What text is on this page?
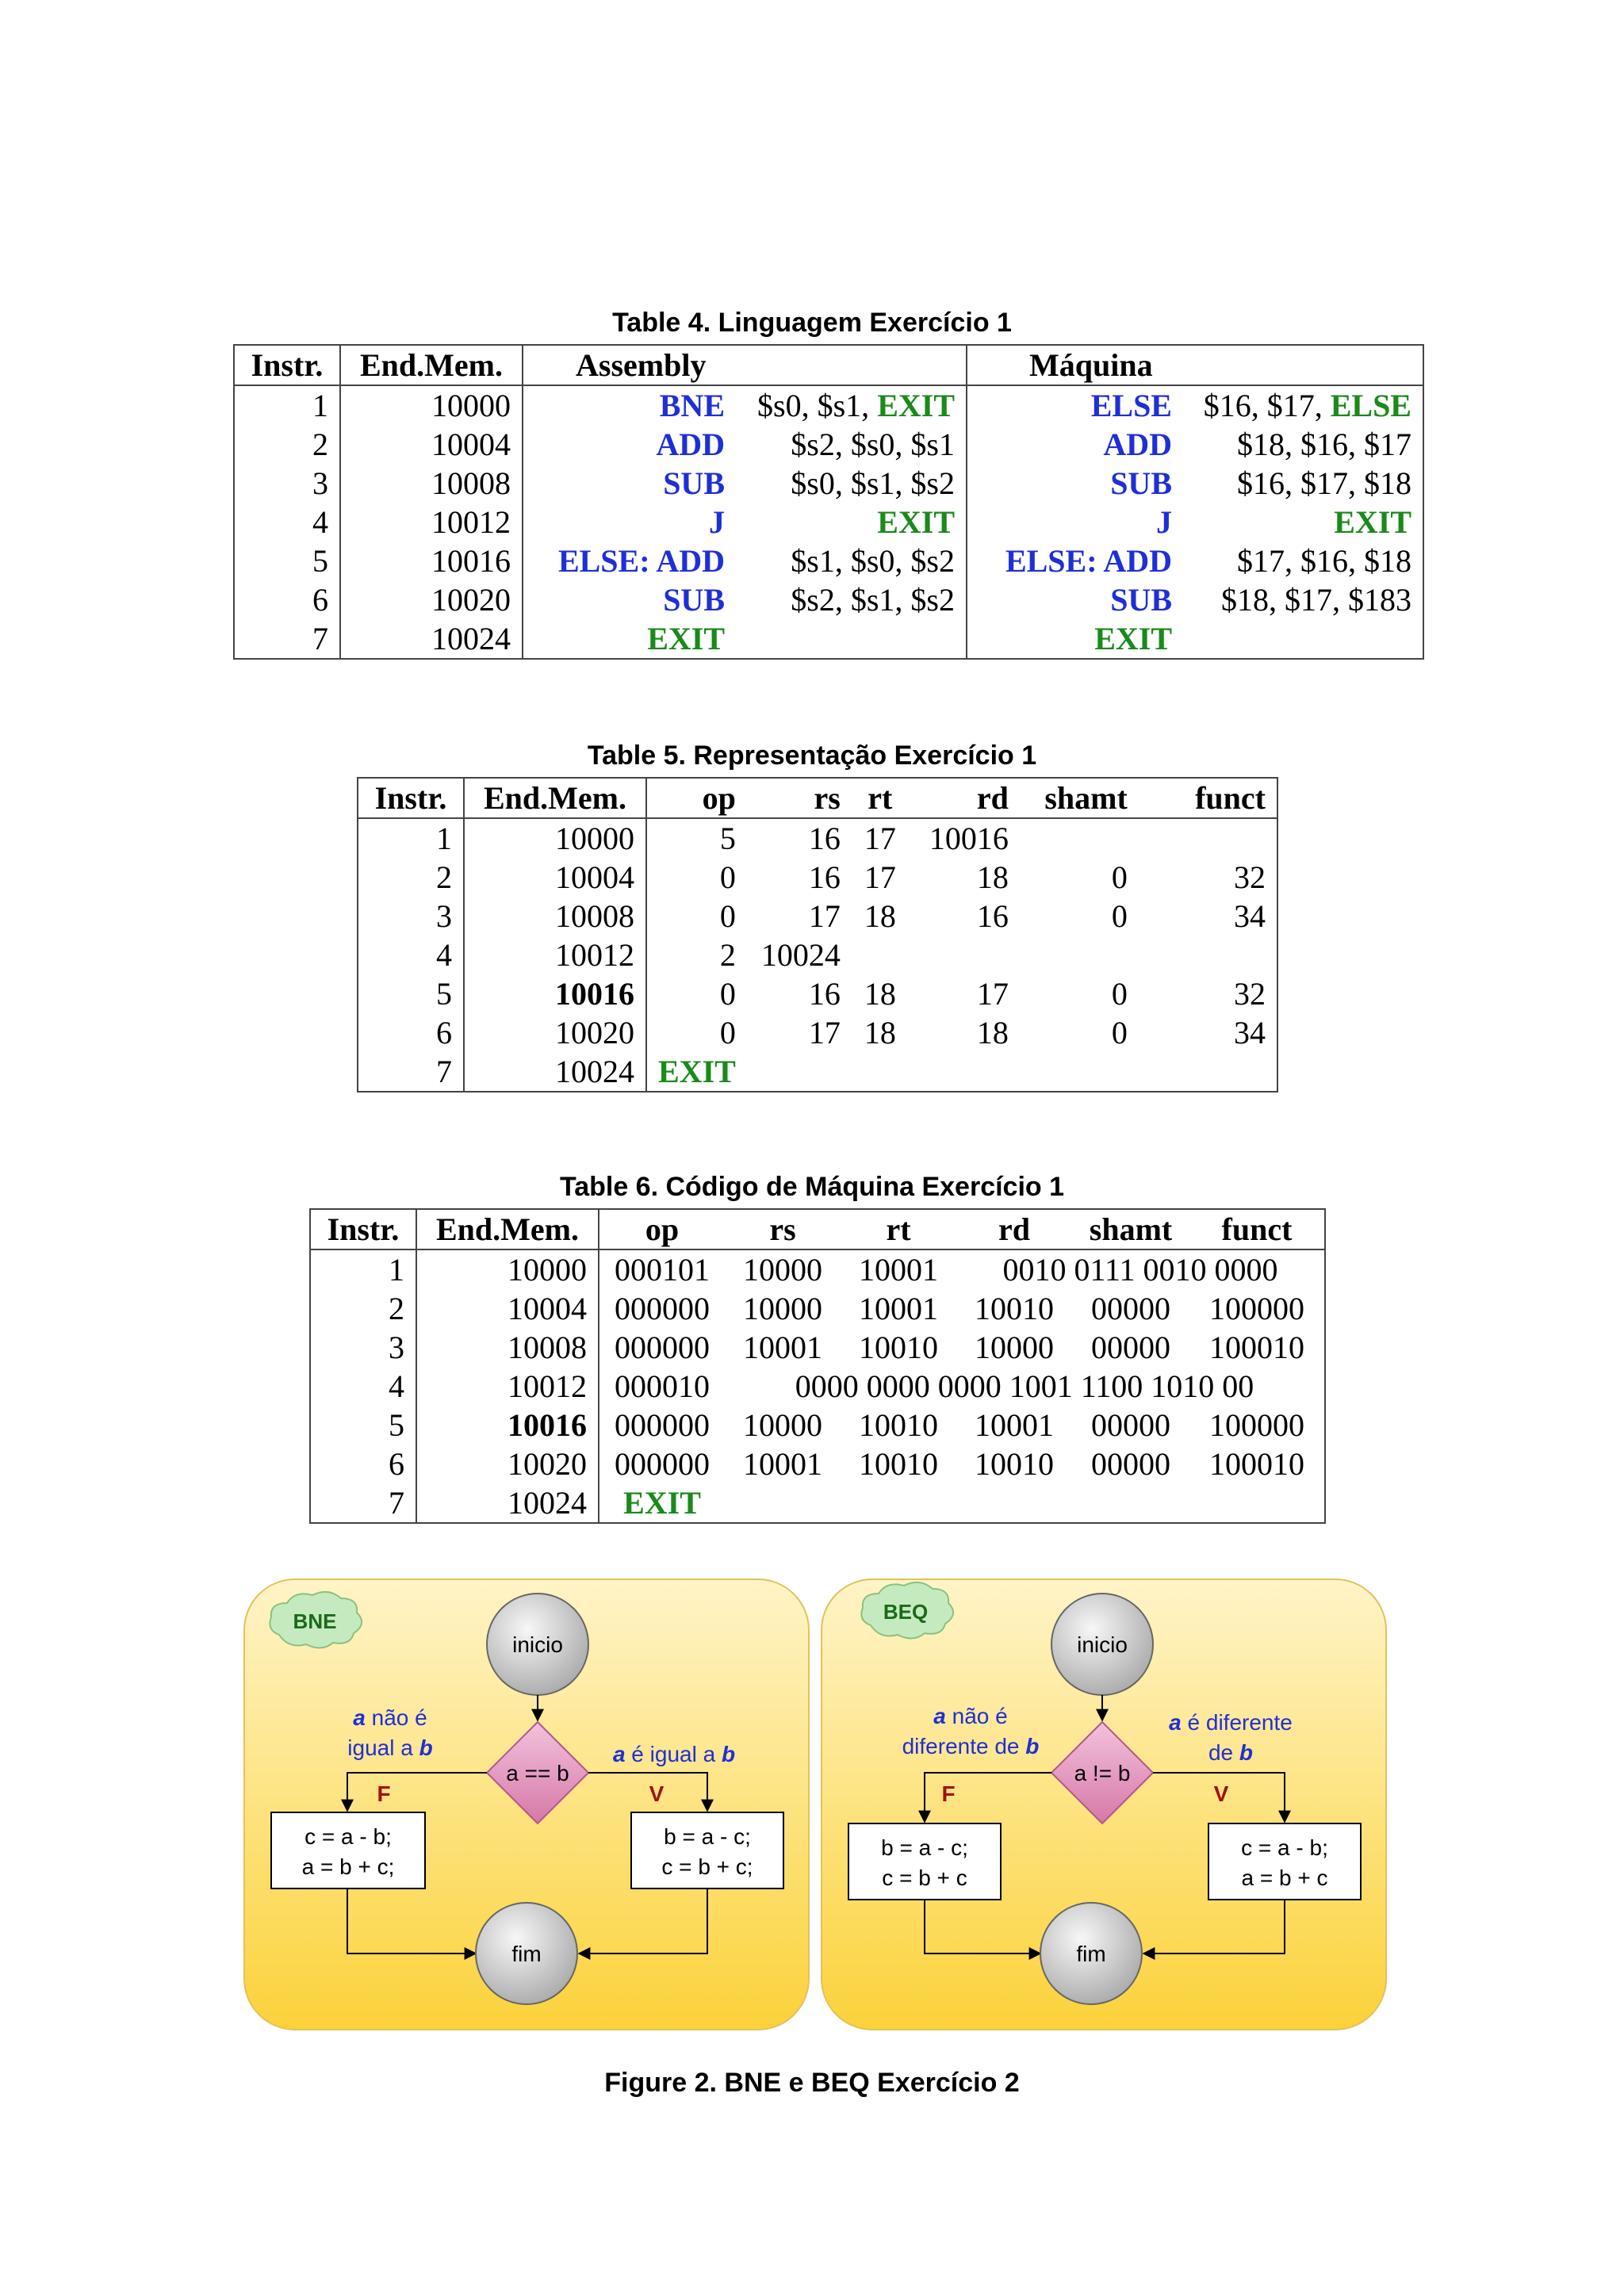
Table 4. Linguagem Exercício 1
Instr.	End.Mem.	Assembly		Máquina	
1	10000	BNE	$s0, $s1, EXIT	ELSE	$16, $17, ELSE
2	10004	ADD	$s2, $s0, $s1	ADD	$18, $16, $17
3	10008	SUB	$s0, $s1, $s2	SUB	$16, $17, $18
4	10012	J	EXIT	J	EXIT
5	10016	ELSE: ADD	$s1, $s0, $s2	ELSE: ADD	$17, $16, $18
6	10020	SUB	$s2, $s1, $s2	SUB	$18, $17, $183
7	10024	EXIT		EXIT	
Table 5. Representação Exercício 1
Instr.	End.Mem.	op	rs	rt	rd	shamt	funct
1	10000	5	16	17	10016		
2	10004	0	16	17	18	0	32
3	10008	0	17	18	16	0	34
4	10012	2	10024				
5	10016	0	16	18	17	0	32
6	10020	0	17	18	18	0	34
7	10024	EXIT					
Table 6. Código de Máquina Exercício 1
Instr.	End.Mem.	op	rs	rt	rd	shamt	funct
1	10000	000101	10000	10001	0010 0111 0010 0000		
2	10004	000000	10000	10001	10010	00000	100000
3	10008	000000	10001	10010	10000	00000	100010
4	10012	000010	0000 0000 0000 1001 1100 1010 00				
5	10016	000000	10000	10010	10001	00000	100000
6	10020	000000	10001	10010	10010	00000	100010
7	10024	EXIT					
BNE
inicio
a == b
F	V
a não é
igual a b	a é igual a b
c = a - b;
a = b + c;
b = a - c;
c = b + c;
fim
BEQ
inicio
a != b
F	V
a não é
diferente de b
a é diferente
de b
b = a - c;
c = b + c
c = a - b;
a = b + c
fim
Figure 2. BNE e BEQ Exercício 2
